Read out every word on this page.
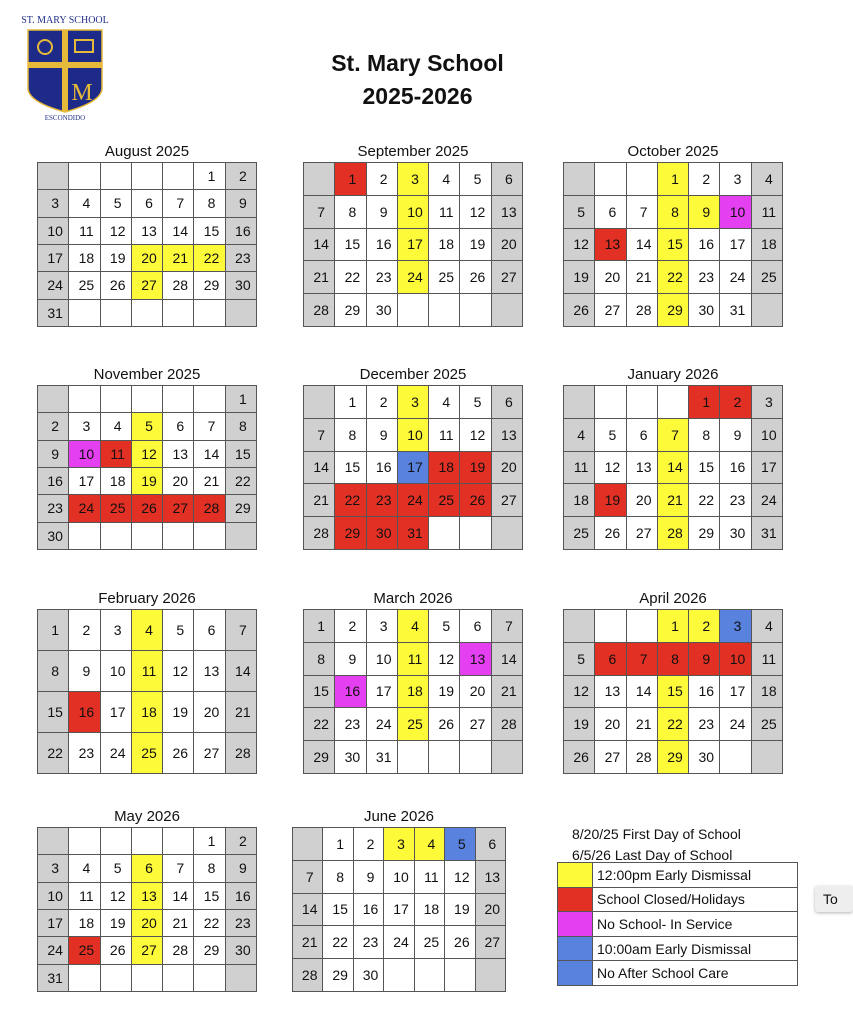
ST. MARY SCHOOL
M
ESCONDIDO
St. Mary School
2025-2026
August 2025
					1	2
3	4	5	6	7	8	9
10	11	12	13	14	15	16
17	18	19	20	21	22	23
24	25	26	27	28	29	30
31						
September 2025
	1	2	3	4	5	6
7	8	9	10	11	12	13
14	15	16	17	18	19	20
21	22	23	24	25	26	27
28	29	30				
October 2025
			1	2	3	4
5	6	7	8	9	10	11
12	13	14	15	16	17	18
19	20	21	22	23	24	25
26	27	28	29	30	31	
November 2025
						1
2	3	4	5	6	7	8
9	10	11	12	13	14	15
16	17	18	19	20	21	22
23	24	25	26	27	28	29
30						
December 2025
	1	2	3	4	5	6
7	8	9	10	11	12	13
14	15	16	17	18	19	20
21	22	23	24	25	26	27
28	29	30	31			
January 2026
				1	2	3
4	5	6	7	8	9	10
11	12	13	14	15	16	17
18	19	20	21	22	23	24
25	26	27	28	29	30	31
February 2026
1	2	3	4	5	6	7
8	9	10	11	12	13	14
15	16	17	18	19	20	21
22	23	24	25	26	27	28
March 2026
1	2	3	4	5	6	7
8	9	10	11	12	13	14
15	16	17	18	19	20	21
22	23	24	25	26	27	28
29	30	31				
April 2026
			1	2	3	4
5	6	7	8	9	10	11
12	13	14	15	16	17	18
19	20	21	22	23	24	25
26	27	28	29	30		
May 2026
					1	2
3	4	5	6	7	8	9
10	11	12	13	14	15	16
17	18	19	20	21	22	23
24	25	26	27	28	29	30
31						
June 2026
	1	2	3	4	5	6
7	8	9	10	11	12	13
14	15	16	17	18	19	20
21	22	23	24	25	26	27
28	29	30				
8/20/25 First Day of School
6/5/26 Last Day of School
	12:00pm Early Dismissal
	School Closed/Holidays
	No School- In Service
	10:00am Early Dismissal
	No After School Care
To
